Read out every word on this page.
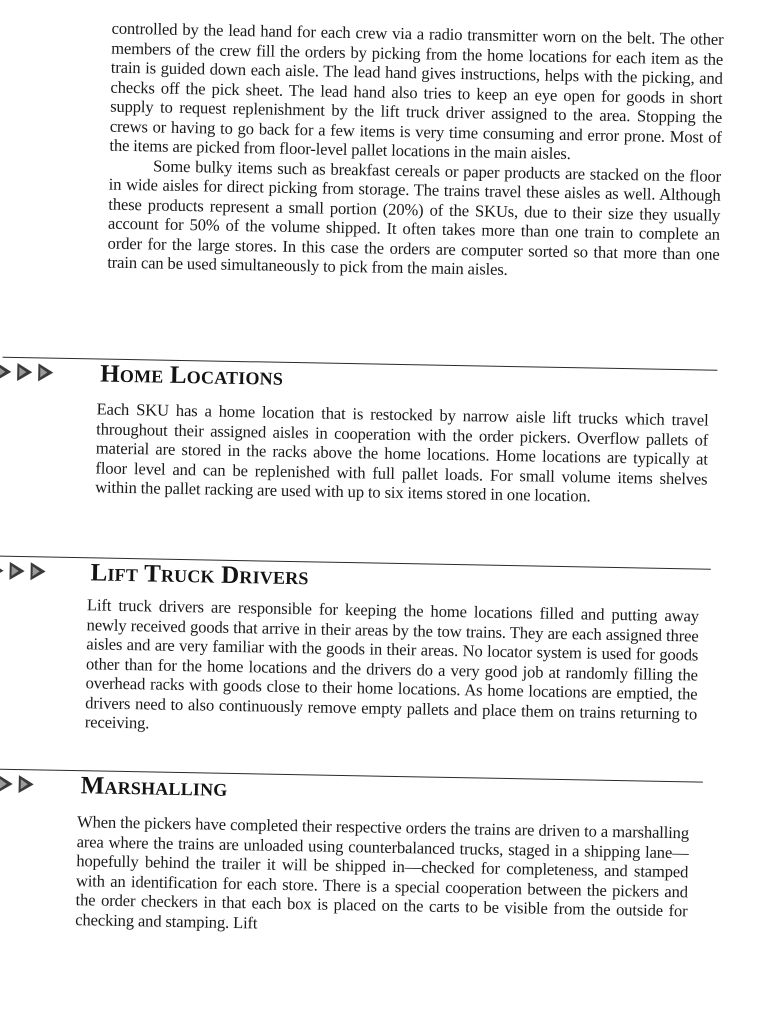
controlled by the lead hand for each crew via a radio transmitter worn on the belt. The other members of the crew fill the orders by picking from the home locations for each item as the train is guided down each aisle. The lead hand gives instructions, helps with the picking, and checks off the pick sheet. The lead hand also tries to keep an eye open for goods in short supply to request replenishment by the lift truck driver assigned to the area. Stopping the crews or having to go back for a few items is very time consuming and error prone. Most of the items are picked from floor-level pallet locations in the main aisles.

Some bulky items such as breakfast cereals or paper products are stacked on the floor in wide aisles for direct picking from storage. The trains travel these aisles as well. Although these products represent a small portion (20%) of the SKUs, due to their size they usually account for 50% of the volume shipped. It often takes more than one train to complete an order for the large stores. In this case the orders are computer sorted so that more than one train can be used simultaneously to pick from the main aisles.

Home Locations
Each SKU has a home location that is restocked by narrow aisle lift trucks which travel throughout their assigned aisles in cooperation with the order pickers. Overflow pallets of material are stored in the racks above the home locations. Home locations are typically at floor level and can be replenished with full pallet loads. For small volume items shelves within the pallet racking are used with up to six items stored in one location.
Lift Truck Drivers
Lift truck drivers are responsible for keeping the home locations filled and putting away newly received goods that arrive in their areas by the tow trains. They are each assigned three aisles and are very familiar with the goods in their areas. No locator system is used for goods other than for the home locations and the drivers do a very good job at randomly filling the overhead racks with goods close to their home locations. As home locations are emptied, the drivers need to also continuously remove empty pallets and place them on trains returning to receiving.
Marshalling
When the pickers have completed their respective orders the trains are driven to a marshalling area where the trains are unloaded using counterbalanced trucks, staged in a shipping lane—hopefully behind the trailer it will be shipped in—checked for completeness, and stamped with an identification for each store. There is a special cooperation between the pickers and the order checkers in that each box is placed on the carts to be visible from the outside for checking and stamping. Lift
